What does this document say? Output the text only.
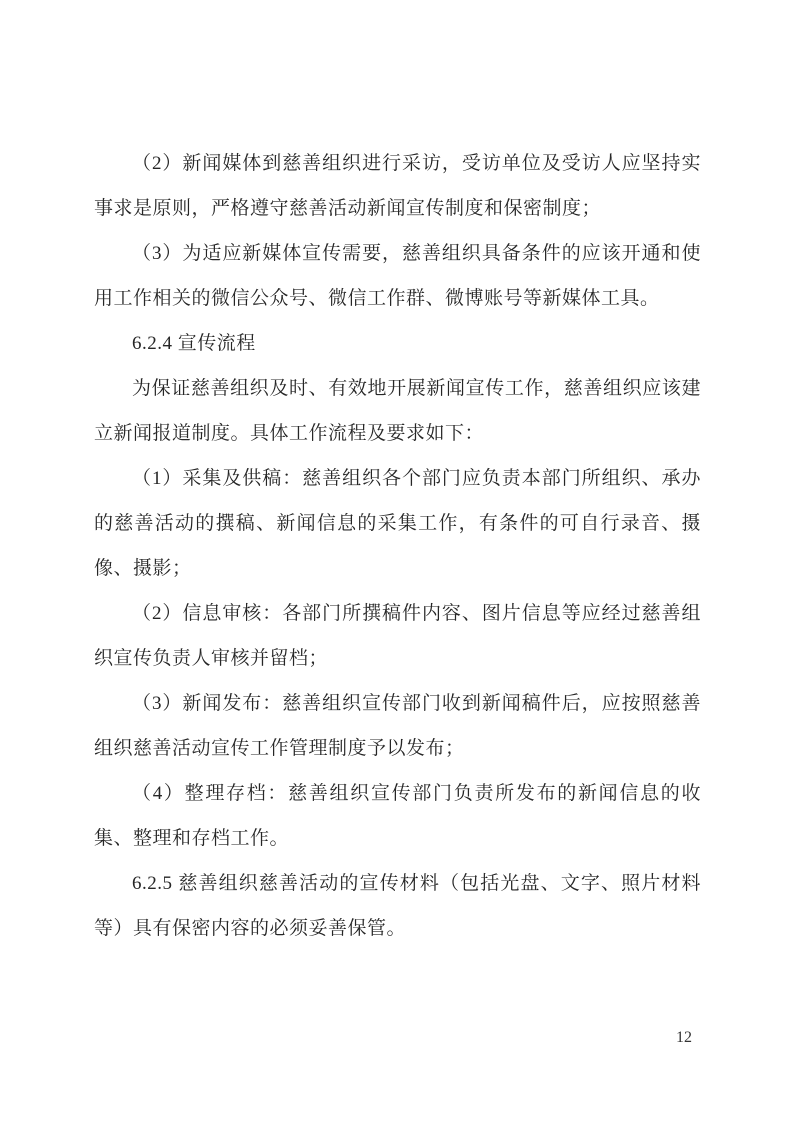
（2）新闻媒体到慈善组织进行采访，受访单位及受访人应坚持实事求是原则，严格遵守慈善活动新闻宣传制度和保密制度；

（3）为适应新媒体宣传需要，慈善组织具备条件的应该开通和使用工作相关的微信公众号、微信工作群、微博账号等新媒体工具。

6.2.4 宣传流程

为保证慈善组织及时、有效地开展新闻宣传工作，慈善组织应该建立新闻报道制度。具体工作流程及要求如下：

（1）采集及供稿：慈善组织各个部门应负责本部门所组织、承办的慈善活动的撰稿、新闻信息的采集工作，有条件的可自行录音、摄像、摄影；

（2）信息审核：各部门所撰稿件内容、图片信息等应经过慈善组织宣传负责人审核并留档；

（3）新闻发布：慈善组织宣传部门收到新闻稿件后，应按照慈善组织慈善活动宣传工作管理制度予以发布；

（4）整理存档：慈善组织宣传部门负责所发布的新闻信息的收集、整理和存档工作。

6.2.5 慈善组织慈善活动的宣传材料（包括光盘、文字、照片材料等）具有保密内容的必须妥善保管。

12
